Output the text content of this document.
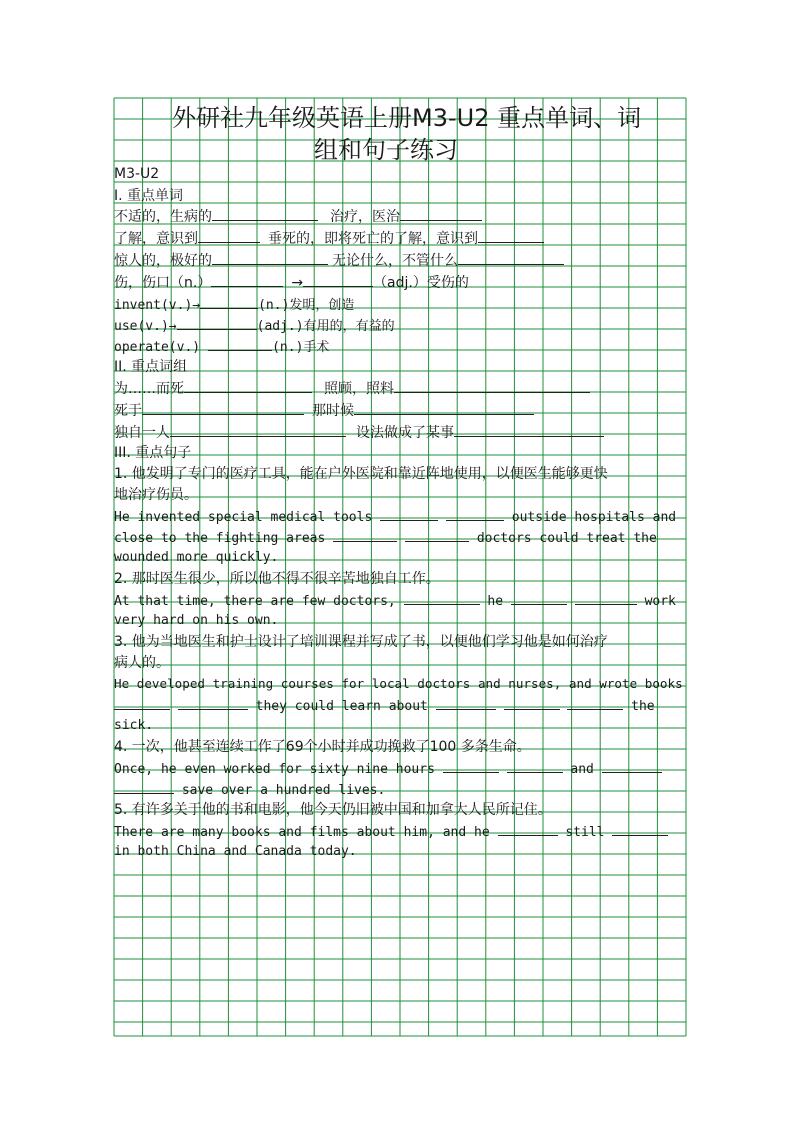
外研社九年级英语上册M3-U2 重点单词、词
组和句子练习
M3-U2
I. 重点单词
不适的，生病的	治疗，医治
了解，意识到	垂死的，即将死亡的了解，意识到
惊人的，极好的	无论什么，不管什么
伤，伤口（n.）	→	（adj.）受伤的
invent(v.)→	(n.)发明，创造
use(v.)→	(adj.)有用的，有益的
operate(v.)	(n.)手术
II. 重点词组
为……而死	照顾，照料
死于	那时候
独自一人	设法做成了某事
III. 重点句子
1. 他发明了专门的医疗工具，能在户外医院和靠近阵地使用，以便医生能够更快
地治疗伤员。
He invented special medical tools	outside hospitals and
close to the fighting areas	doctors could treat the
wounded more quickly.
2. 那时医生很少，所以他不得不很辛苦地独自工作。
At that time, there are few doctors,	he	work
very hard on his own.
3. 他为当地医生和护士设计了培训课程并写成了书，以便他们学习他是如何治疗
病人的。
He developed training courses for local doctors and nurses, and wrote books
they could learn about	the
sick.
4. 一次，他甚至连续工作了69个小时并成功挽救了100 多条生命。
Once, he even worked for sixty nine hours	and
save over a hundred lives.
5. 有许多关于他的书和电影，他今天仍旧被中国和加拿大人民所记住。
There are many books and films about him, and he	still
in both China and Canada today.
